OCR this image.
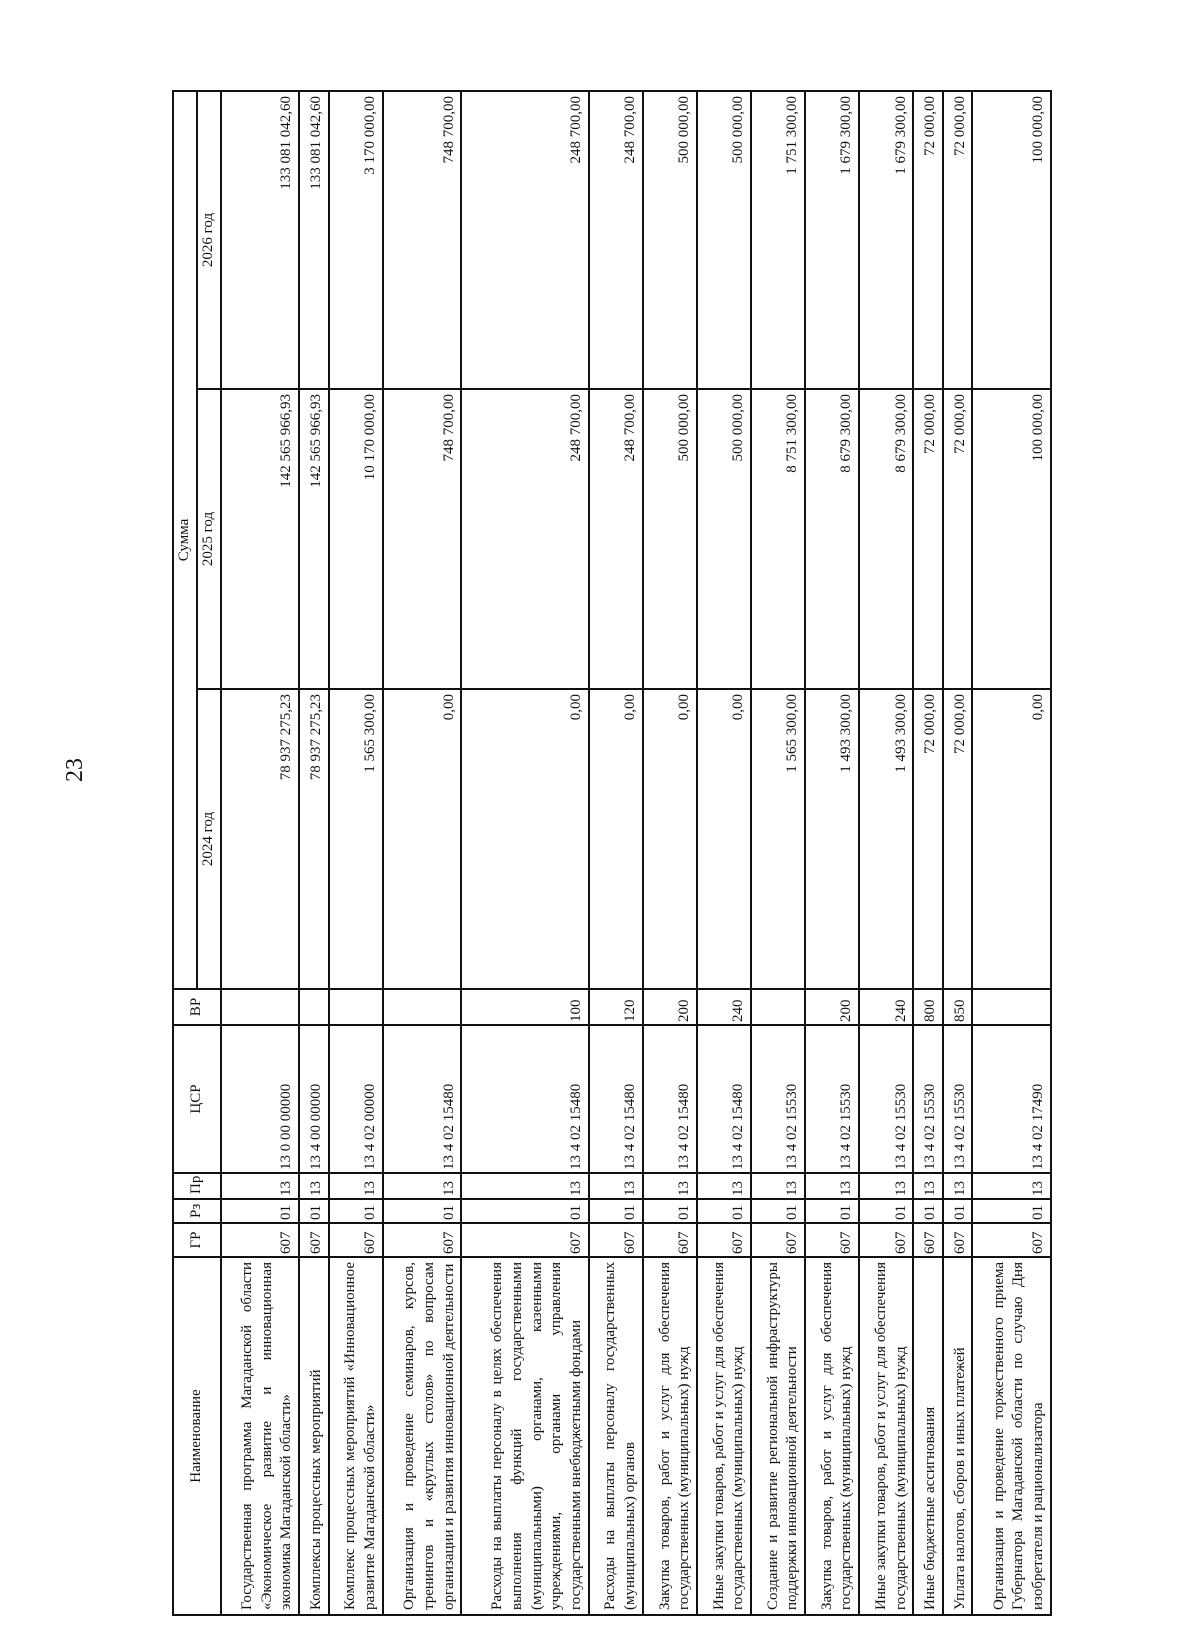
23
Наименование	ГР	Рз	Пр	ЦСР	ВР	Сумма		
						2024 год	2025 год	2026 год
Государственная программа Магаданской области «Экономическое развитие и инновационная экономика Магаданской области»	607	01	13	13 0 00 00000		78 937 275,23	142 565 966,93	133 081 042,60
Комплексы процессных мероприятий	607	01	13	13 4 00 00000		78 937 275,23	142 565 966,93	133 081 042,60
Комплекс процессных мероприятий «Инновационное развитие Магаданской области»	607	01	13	13 4 02 00000		1 565 300,00	10 170 000,00	3 170 000,00
Организация и проведение семинаров, курсов, тренингов и «круглых столов» по вопросам организации и развития инновационной деятельности	607	01	13	13 4 02 15480		0,00	748 700,00	748 700,00
Расходы на выплаты персоналу в целях обеспечения выполнения функций государственными (муниципальными) органами, казенными учреждениями, органами управления государственными внебюджетными фондами	607	01	13	13 4 02 15480	100	0,00	248 700,00	248 700,00
Расходы на выплаты персоналу государственных (муниципальных) органов	607	01	13	13 4 02 15480	120	0,00	248 700,00	248 700,00
Закупка товаров, работ и услуг для обеспечения государственных (муниципальных) нужд	607	01	13	13 4 02 15480	200	0,00	500 000,00	500 000,00
Иные закупки товаров, работ и услуг для обеспечения государственных (муниципальных) нужд	607	01	13	13 4 02 15480	240	0,00	500 000,00	500 000,00
Создание и развитие региональной инфраструктуры поддержки инновационной деятельности	607	01	13	13 4 02 15530		1 565 300,00	8 751 300,00	1 751 300,00
Закупка товаров, работ и услуг для обеспечения государственных (муниципальных) нужд	607	01	13	13 4 02 15530	200	1 493 300,00	8 679 300,00	1 679 300,00
Иные закупки товаров, работ и услуг для обеспечения государственных (муниципальных) нужд	607	01	13	13 4 02 15530	240	1 493 300,00	8 679 300,00	1 679 300,00
Иные бюджетные ассигнования	607	01	13	13 4 02 15530	800	72 000,00	72 000,00	72 000,00
Уплата налогов, сборов и иных платежей	607	01	13	13 4 02 15530	850	72 000,00	72 000,00	72 000,00
Организация и проведение торжественного приема Губернатора Магаданской области по случаю Дня изобретателя и рационализатора	607	01	13	13 4 02 17490		0,00	100 000,00	100 000,00
